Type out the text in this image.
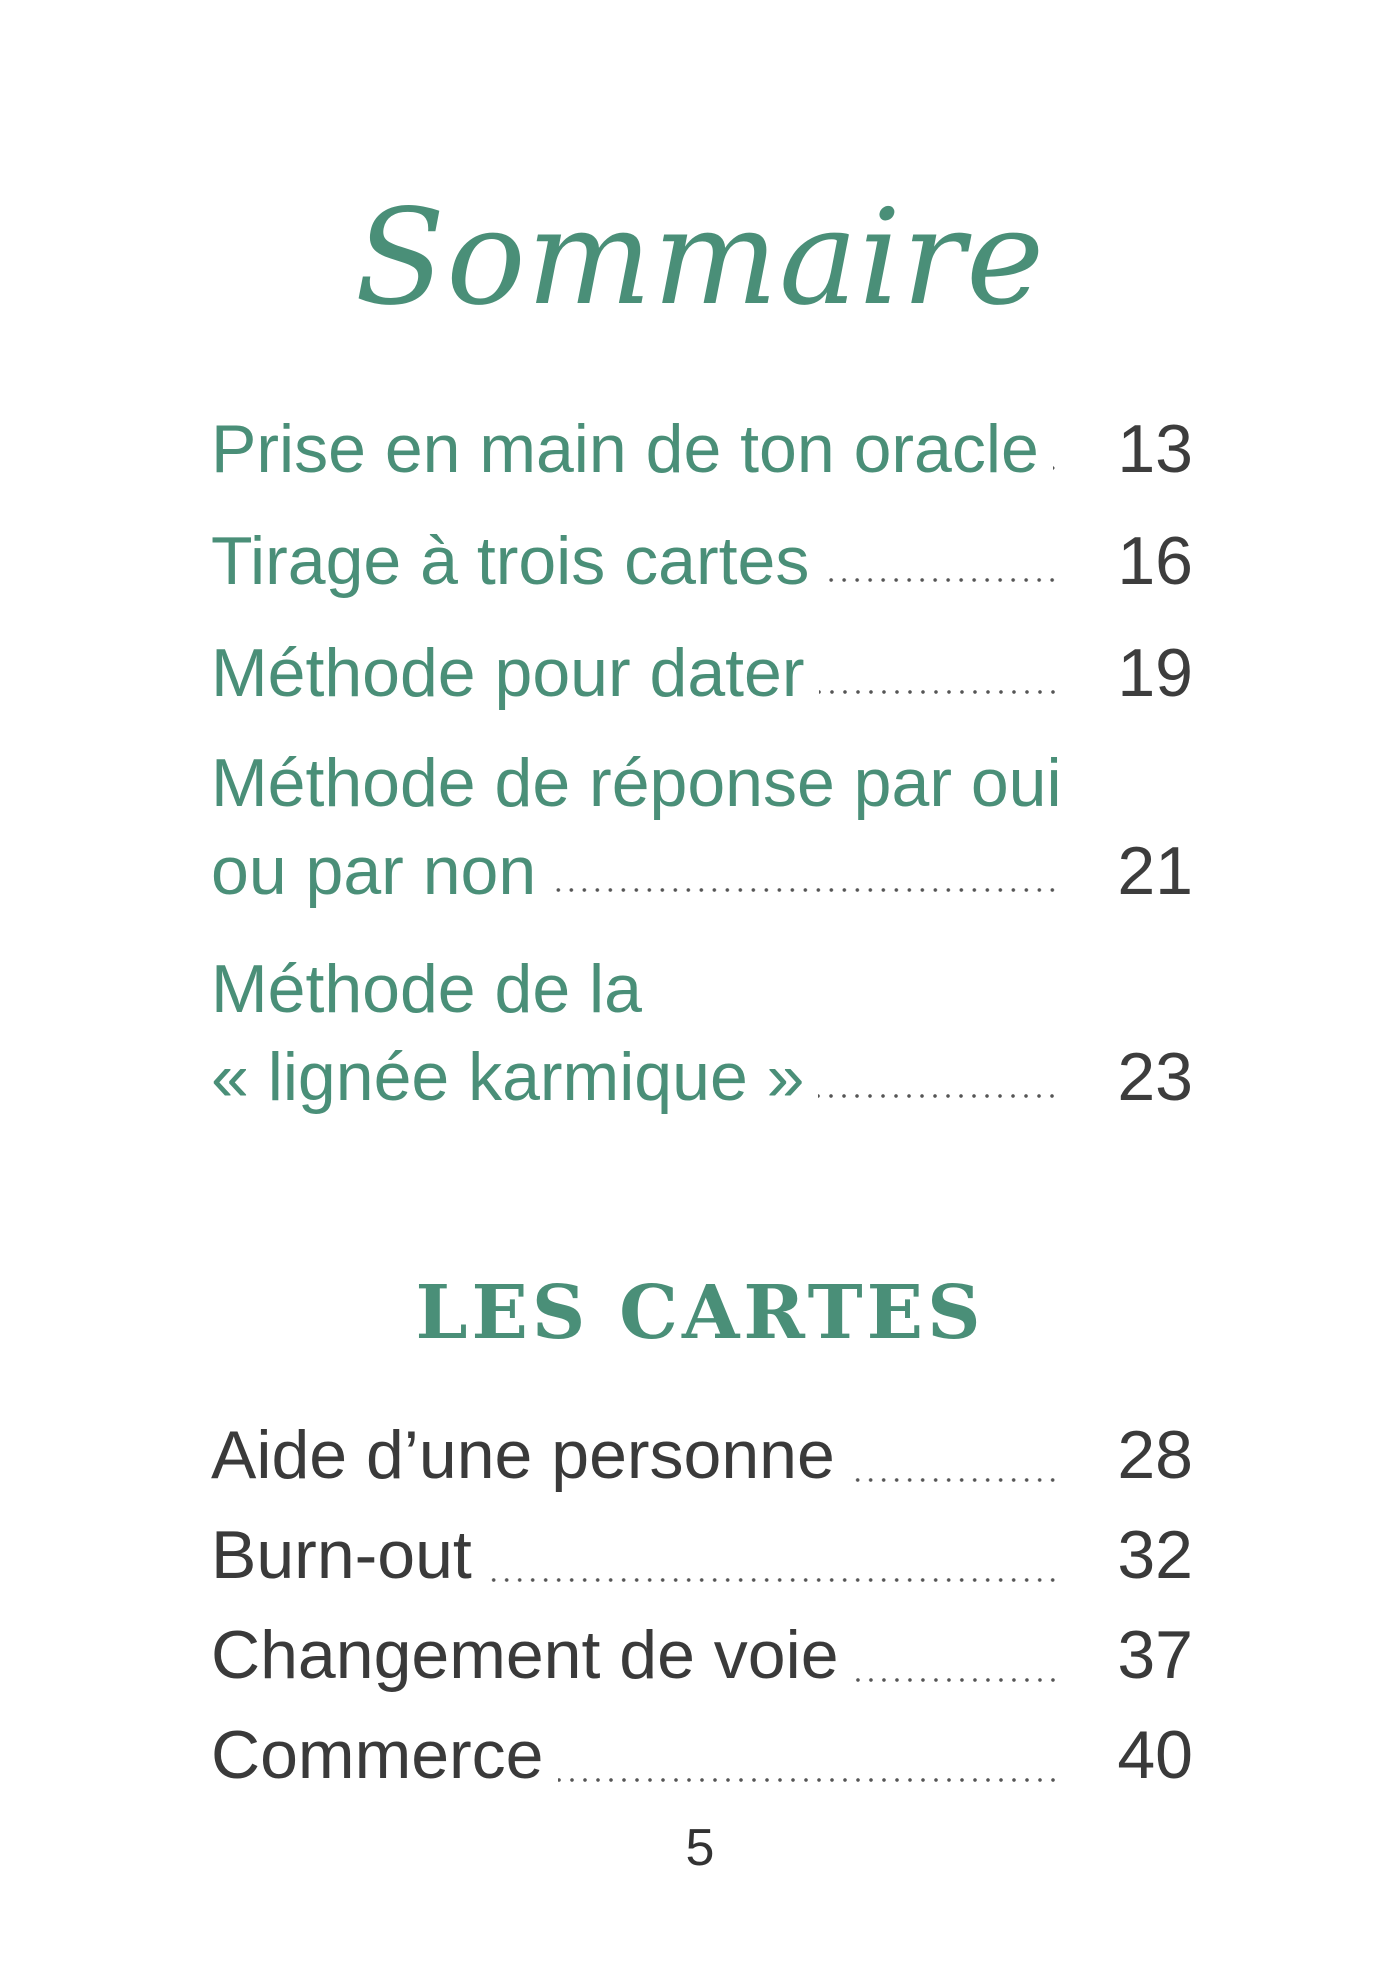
Sommaire
Prise en main de ton oracle	13
Tirage à trois cartes	16
Méthode pour dater	19
Méthode de réponse par oui
ou par non	21
Méthode de la
« lignée karmique »	23
LES CARTES
Aide d’une personne	28
Burn-out	32
Changement de voie	37
Commerce	40
5
